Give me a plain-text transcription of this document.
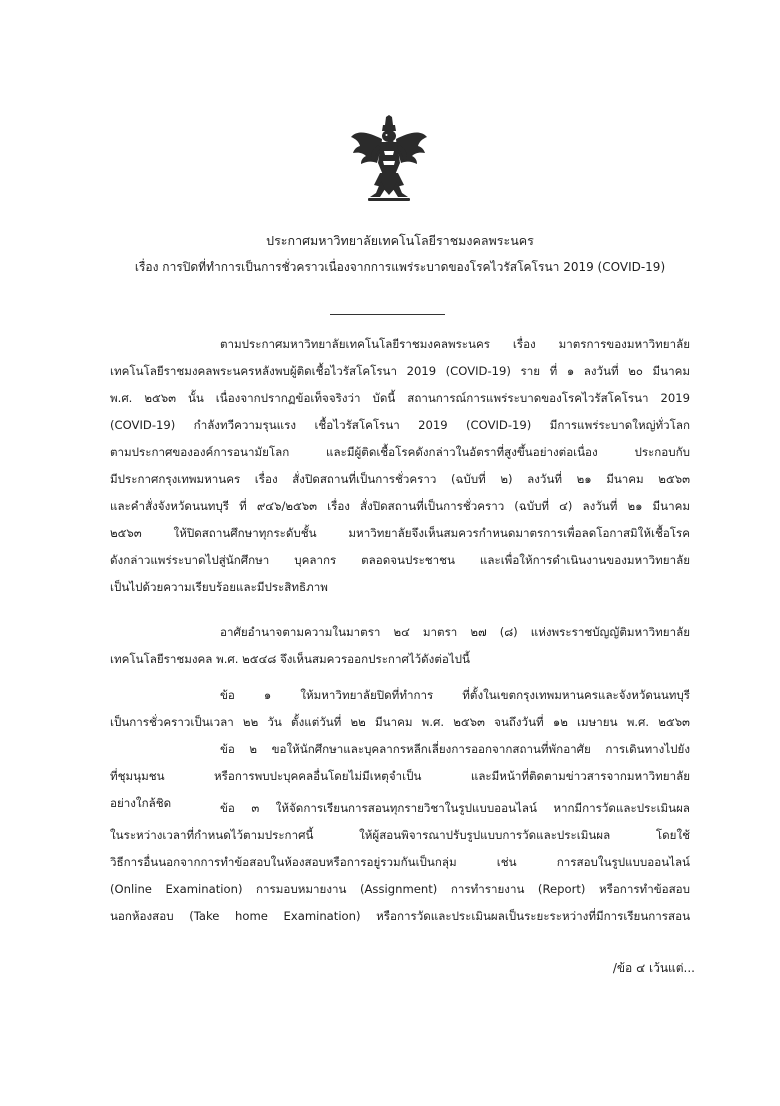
ประกาศมหาวิทยาลัยเทคโนโลยีราชมงคลพระนคร
เรื่อง การปิดที่ทำการเป็นการชั่วคราวเนื่องจากการแพร่ระบาดของโรคไวรัสโคโรนา 2019 (COVID-19)
ตามประกาศมหาวิทยาลัยเทคโนโลยีราชมงคลพระนคร เรื่อง มาตรการของมหาวิทยาลัย
เทคโนโลยีราชมงคลพระนครหลังพบผู้ติดเชื้อไวรัสโคโรนา 2019 (COVID-19) ราย ที่ ๑ ลงวันที่ ๒๐ มีนาคม
พ.ศ. ๒๕๖๓ นั้น เนื่องจากปรากฏข้อเท็จจริงว่า บัดนี้ สถานการณ์การแพร่ระบาดของโรคไวรัสโคโรนา 2019
(COVID-19) กำลังทวีความรุนแรง เชื้อไวรัสโคโรนา 2019 (COVID-19) มีการแพร่ระบาดใหญ่ทั่วโลก
ตามประกาศขององค์การอนามัยโลก และมีผู้ติดเชื้อโรคดังกล่าวในอัตราที่สูงขึ้นอย่างต่อเนื่อง ประกอบกับ
มีประกาศกรุงเทพมหานคร เรื่อง สั่งปิดสถานที่เป็นการชั่วคราว (ฉบับที่ ๒) ลงวันที่ ๒๑ มีนาคม ๒๕๖๓
และคำสั่งจังหวัดนนทบุรี ที่ ๙๔๖/๒๕๖๓ เรื่อง สั่งปิดสถานที่เป็นการชั่วคราว (ฉบับที่ ๔) ลงวันที่ ๒๑ มีนาคม
๒๕๖๓ ให้ปิดสถานศึกษาทุกระดับชั้น มหาวิทยาลัยจึงเห็นสมควรกำหนดมาตรการเพื่อลดโอกาสมิให้เชื้อโรค
ดังกล่าวแพร่ระบาดไปสู่นักศึกษา บุคลากร ตลอดจนประชาชน และเพื่อให้การดำเนินงานของมหาวิทยาลัย
เป็นไปด้วยความเรียบร้อยและมีประสิทธิภาพ
อาศัยอำนาจตามความในมาตรา ๒๔ มาตรา ๒๗ (๘) แห่งพระราชบัญญัติมหาวิทยาลัย
เทคโนโลยีราชมงคล พ.ศ. ๒๕๔๘ จึงเห็นสมควรออกประกาศไว้ดังต่อไปนี้
ข้อ ๑ ให้มหาวิทยาลัยปิดที่ทำการ ที่ตั้งในเขตกรุงเทพมหานครและจังหวัดนนทบุรี
เป็นการชั่วคราวเป็นเวลา ๒๒ วัน ตั้งแต่วันที่ ๒๒ มีนาคม พ.ศ. ๒๕๖๓ จนถึงวันที่ ๑๒ เมษายน พ.ศ. ๒๕๖๓
ข้อ ๒ ขอให้นักศึกษาและบุคลากรหลีกเลี่ยงการออกจากสถานที่พักอาศัย การเดินทางไปยัง
ที่ชุมนุมชน หรือการพบปะบุคคลอื่นโดยไม่มีเหตุจำเป็น และมีหน้าที่ติดตามข่าวสารจากมหาวิทยาลัย
อย่างใกล้ชิด	ข้อ ๓ ให้จัดการเรียนการสอนทุกรายวิชาในรูปแบบออนไลน์ หากมีการวัดและประเมินผล
ในระหว่างเวลาที่กำหนดไว้ตามประกาศนี้ ให้ผู้สอนพิจารณาปรับรูปแบบการวัดและประเมินผล โดยใช้
วิธีการอื่นนอกจากการทำข้อสอบในห้องสอบหรือการอยู่รวมกันเป็นกลุ่ม เช่น การสอบในรูปแบบออนไลน์
(Online Examination) การมอบหมายงาน (Assignment) การทำรายงาน (Report) หรือการทำข้อสอบ
นอกห้องสอบ (Take home Examination) หรือการวัดและประเมินผลเป็นระยะระหว่างที่มีการเรียนการสอน
/ข้อ ๔ เว้นแต่...
